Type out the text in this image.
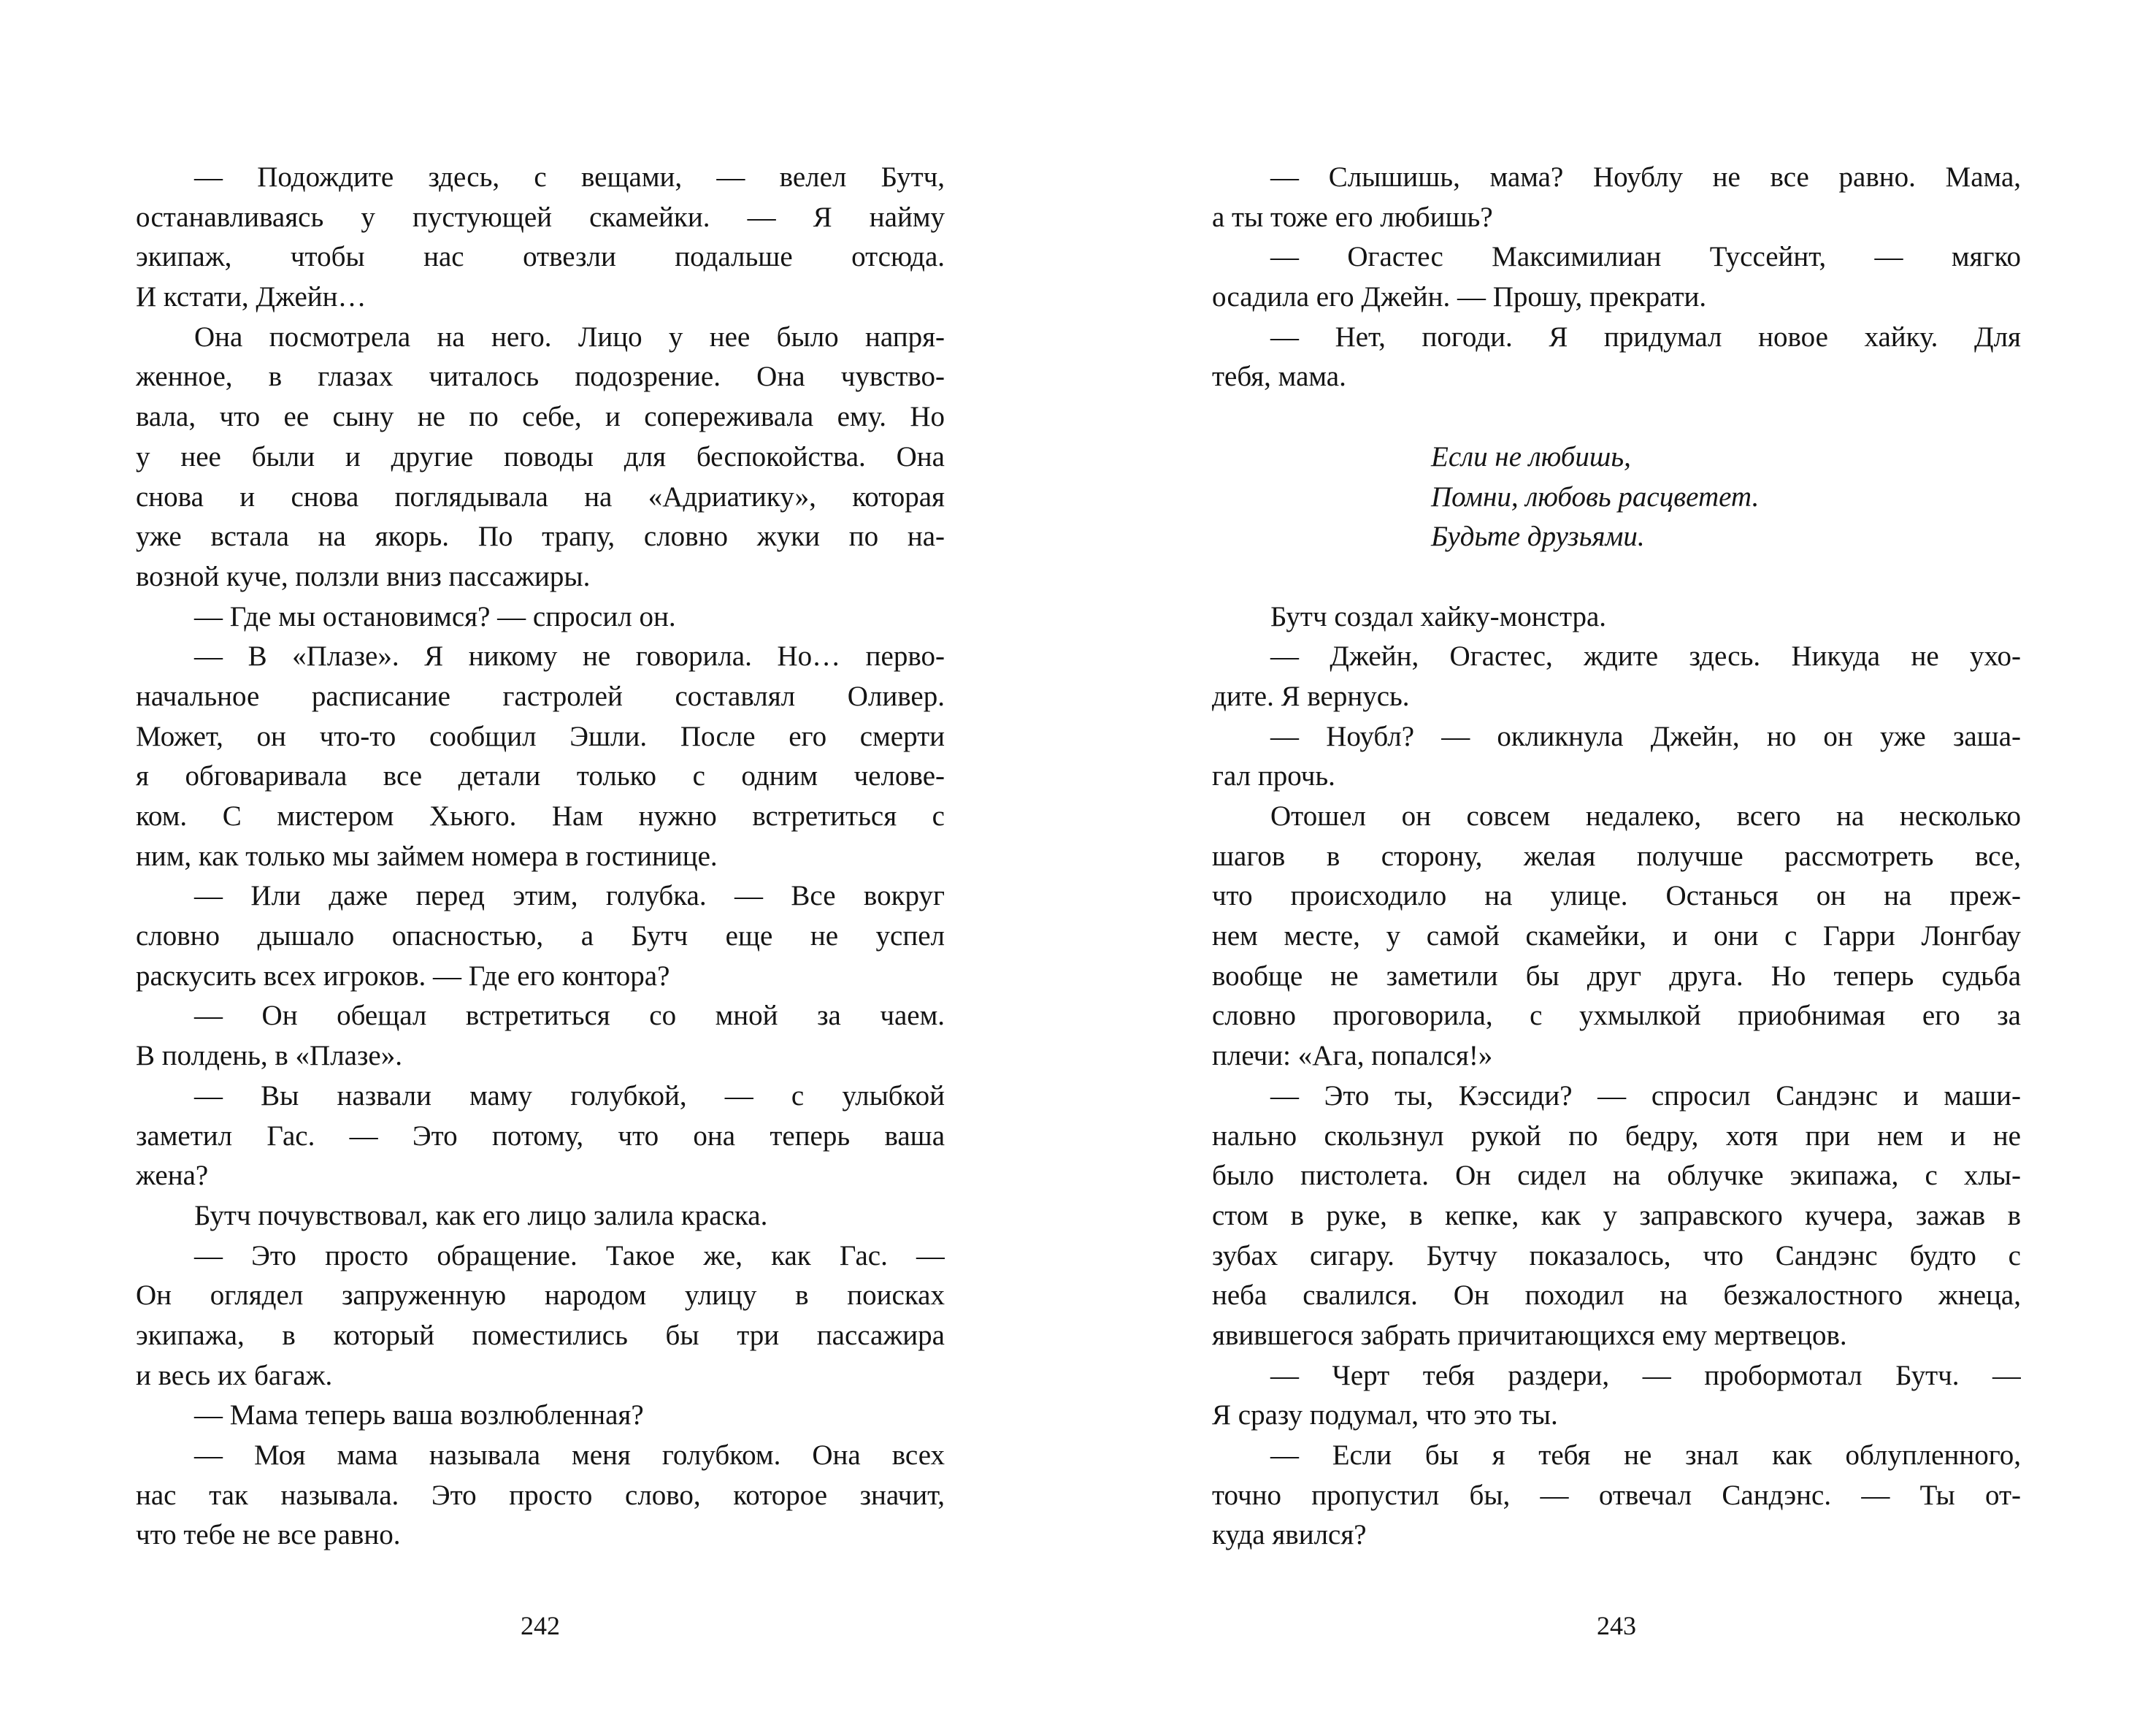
— Подождите здесь, с вещами, — велел Бутч,
останавливаясь у пустующей скамейки. — Я найму
экипаж, чтобы нас отвезли подальше отсюда.
И кстати, Джейн…
Она посмотрела на него. Лицо у нее было напря-
женное, в глазах читалось подозрение. Она чувство-
вала, что ее сыну не по себе, и сопереживала ему. Но
у нее были и другие поводы для беспокойства. Она
снова и снова поглядывала на «Адриатику», которая
уже встала на якорь. По трапу, словно жуки по на-
возной куче, ползли вниз пассажиры.
— Где мы остановимся? — спросил он.
— В «Плазе». Я никому не говорила. Но… перво-
начальное расписание гастролей составлял Оливер.
Может, он что-то сообщил Эшли. После его смерти
я обговаривала все детали только с одним челове-
ком. С мистером Хьюго. Нам нужно встретиться с
ним, как только мы займем номера в гостинице.
— Или даже перед этим, голубка. — Все вокруг
словно дышало опасностью, а Бутч еще не успел
раскусить всех игроков. — Где его контора?
— Он обещал встретиться со мной за чаем.
В полдень, в «Плазе».
— Вы назвали маму голубкой, — с улыбкой
заметил Гас. — Это потому, что она теперь ваша
жена?
Бутч почувствовал, как его лицо залила краска.
— Это просто обращение. Такое же, как Гас. —
Он оглядел запруженную народом улицу в поисках
экипажа, в который поместились бы три пассажира
и весь их багаж.
— Мама теперь ваша возлюбленная?
— Моя мама называла меня голубком. Она всех
нас так называла. Это просто слово, которое значит,
что тебе не все равно.
242
— Слышишь, мама? Ноублу не все равно. Мама,
а ты тоже его любишь?
— Огастес Максимилиан Туссейнт, — мягко
осадила его Джейн. — Прошу, прекрати.
— Нет, погоди. Я придумал новое хайку. Для
тебя, мама.
Если не любишь,
Помни, любовь расцветет.
Будьте друзьями.
Бутч создал хайку-монстра.
— Джейн, Огастес, ждите здесь. Никуда не ухо-
дите. Я вернусь.
— Ноубл? — окликнула Джейн, но он уже заша-
гал прочь.
Отошел он совсем недалеко, всего на несколько
шагов в сторону, желая получше рассмотреть все,
что происходило на улице. Останься он на преж-
нем месте, у самой скамейки, и они с Гарри Лонгбау
вообще не заметили бы друг друга. Но теперь судьба
словно проговорила, с ухмылкой приобнимая его за
плечи: «Ага, попался!»
— Это ты, Кэссиди? — спросил Сандэнс и маши-
нально скользнул рукой по бедру, хотя при нем и не
было пистолета. Он сидел на облучке экипажа, с хлы-
стом в руке, в кепке, как у заправского кучера, зажав в
зубах сигару. Бутчу показалось, что Сандэнс будто с
неба свалился. Он походил на безжалостного жнеца,
явившегося забрать причитающихся ему мертвецов.
— Черт тебя раздери, — пробормотал Бутч. —
Я сразу подумал, что это ты.
— Если бы я тебя не знал как облупленного,
точно пропустил бы, — отвечал Сандэнс. — Ты от-
куда явился?
243
